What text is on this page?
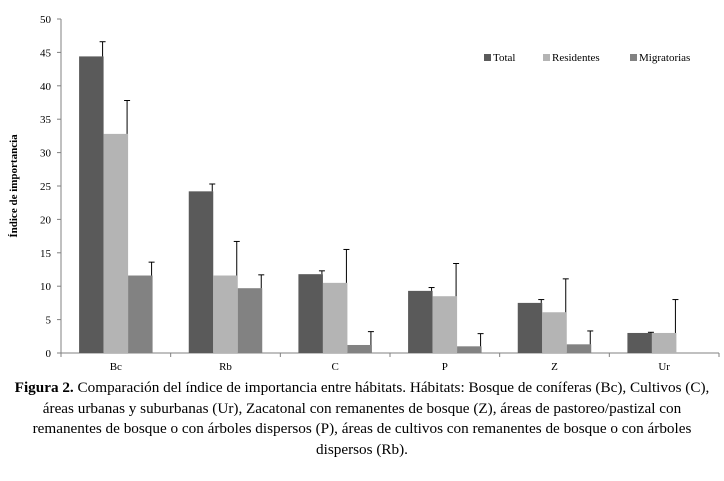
0
5
10
15
20
25
30
35
40
45
50
Bc	Rb	C	P	Z	Ur
Total	Residentes	Migratorias
Índice de importancia
Figura 2. Comparación del índice de importancia entre hábitats. Hábitats: Bosque de coníferas (Bc), Cultivos (C), áreas urbanas y suburbanas (Ur), Zacatonal con remanentes de bosque (Z), áreas de pastoreo/pastizal con remanentes de bosque o con árboles dispersos (P), áreas de cultivos con remanentes de bosque o con árboles dispersos (Rb).
